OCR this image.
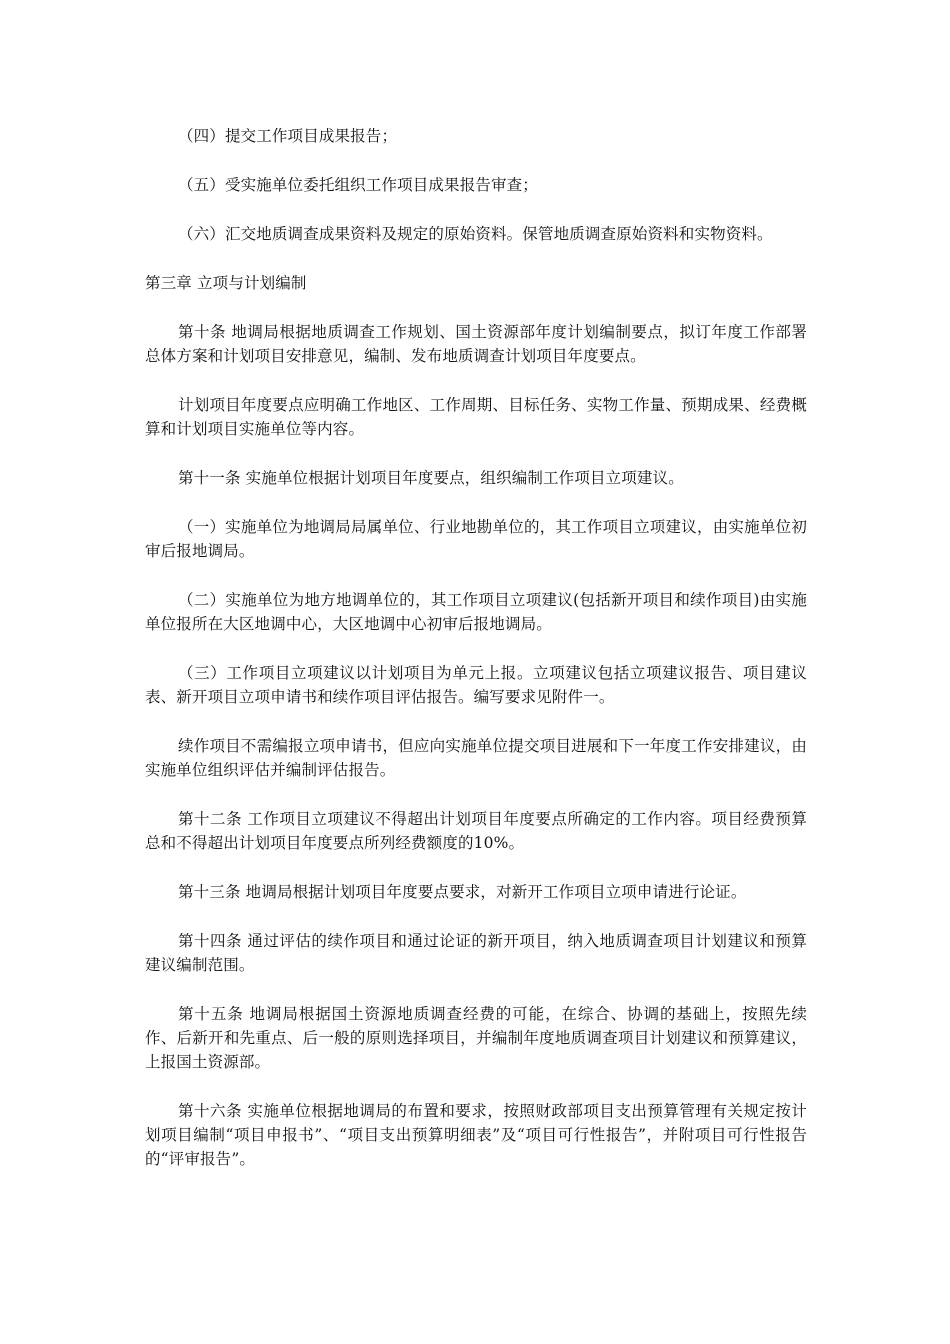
（四）提交工作项目成果报告；

（五）受实施单位委托组织工作项目成果报告审查；

（六）汇交地质调查成果资料及规定的原始资料。保管地质调查原始资料和实物资料。

第三章 立项与计划编制

第十条 地调局根据地质调查工作规划、国土资源部年度计划编制要点，拟订年度工作部署总体方案和计划项目安排意见，编制、发布地质调查计划项目年度要点。

计划项目年度要点应明确工作地区、工作周期、目标任务、实物工作量、预期成果、经费概算和计划项目实施单位等内容。

第十一条 实施单位根据计划项目年度要点，组织编制工作项目立项建议。

（一）实施单位为地调局局属单位、行业地勘单位的，其工作项目立项建议，由实施单位初审后报地调局。

（二）实施单位为地方地调单位的，其工作项目立项建议(包括新开项目和续作项目)由实施单位报所在大区地调中心，大区地调中心初审后报地调局。

（三）工作项目立项建议以计划项目为单元上报。立项建议包括立项建议报告、项目建议表、新开项目立项申请书和续作项目评估报告。编写要求见附件一。

续作项目不需编报立项申请书，但应向实施单位提交项目进展和下一年度工作安排建议，由实施单位组织评估并编制评估报告。

第十二条 工作项目立项建议不得超出计划项目年度要点所确定的工作内容。项目经费预算总和不得超出计划项目年度要点所列经费额度的10%。

第十三条 地调局根据计划项目年度要点要求，对新开工作项目立项申请进行论证。

第十四条 通过评估的续作项目和通过论证的新开项目，纳入地质调查项目计划建议和预算建议编制范围。

第十五条 地调局根据国土资源地质调查经费的可能，在综合、协调的基础上，按照先续作、后新开和先重点、后一般的原则选择项目，并编制年度地质调查项目计划建议和预算建议，上报国土资源部。

第十六条 实施单位根据地调局的布置和要求，按照财政部项目支出预算管理有关规定按计划项目编制“项目申报书”、“项目支出预算明细表”及“项目可行性报告”，并附项目可行性报告的“评审报告”。
